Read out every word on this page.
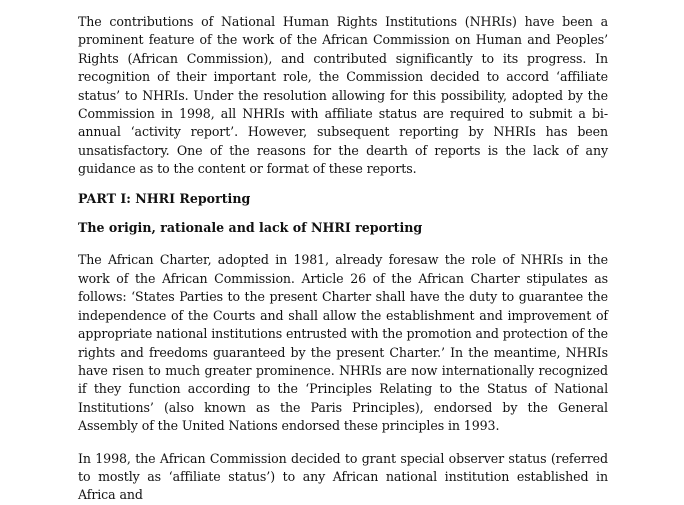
The contributions of National Human Rights Institutions (NHRIs) have been a prominent feature of the work of the African Commission on Human and Peoples’ Rights (African Commission), and contributed significantly to its progress. In recognition of their important role, the Commission decided to accord ‘affiliate status’ to NHRIs. Under the resolution allowing for this possibility, adopted by the Commission in 1998, all NHRIs with affiliate status are required to submit a bi-annual ‘activity report’. However, subsequent reporting by NHRIs has been unsatisfactory. One of the reasons for the dearth of reports is the lack of any guidance as to the content or format of these reports.

PART I: NHRI Reporting

The origin, rationale and lack of NHRI reporting

The African Charter, adopted in 1981, already foresaw the role of NHRIs in the work of the African Commission. Article 26 of the African Charter stipulates as follows: ‘States Parties to the present Charter shall have the duty to guarantee the independence of the Courts and shall allow the establishment and improvement of appropriate national institutions entrusted with the promotion and protection of the rights and freedoms guaranteed by the present Charter.’ In the meantime, NHRIs have risen to much greater prominence. NHRIs are now internationally recognized if they function according to the ‘Principles Relating to the Status of National Institutions’ (also known as the Paris Principles), endorsed by the General Assembly of the United Nations endorsed these principles in 1993.

In 1998, the African Commission decided to grant special observer status (referred to mostly as ‘affiliate status’) to any African national institution established in Africa and
